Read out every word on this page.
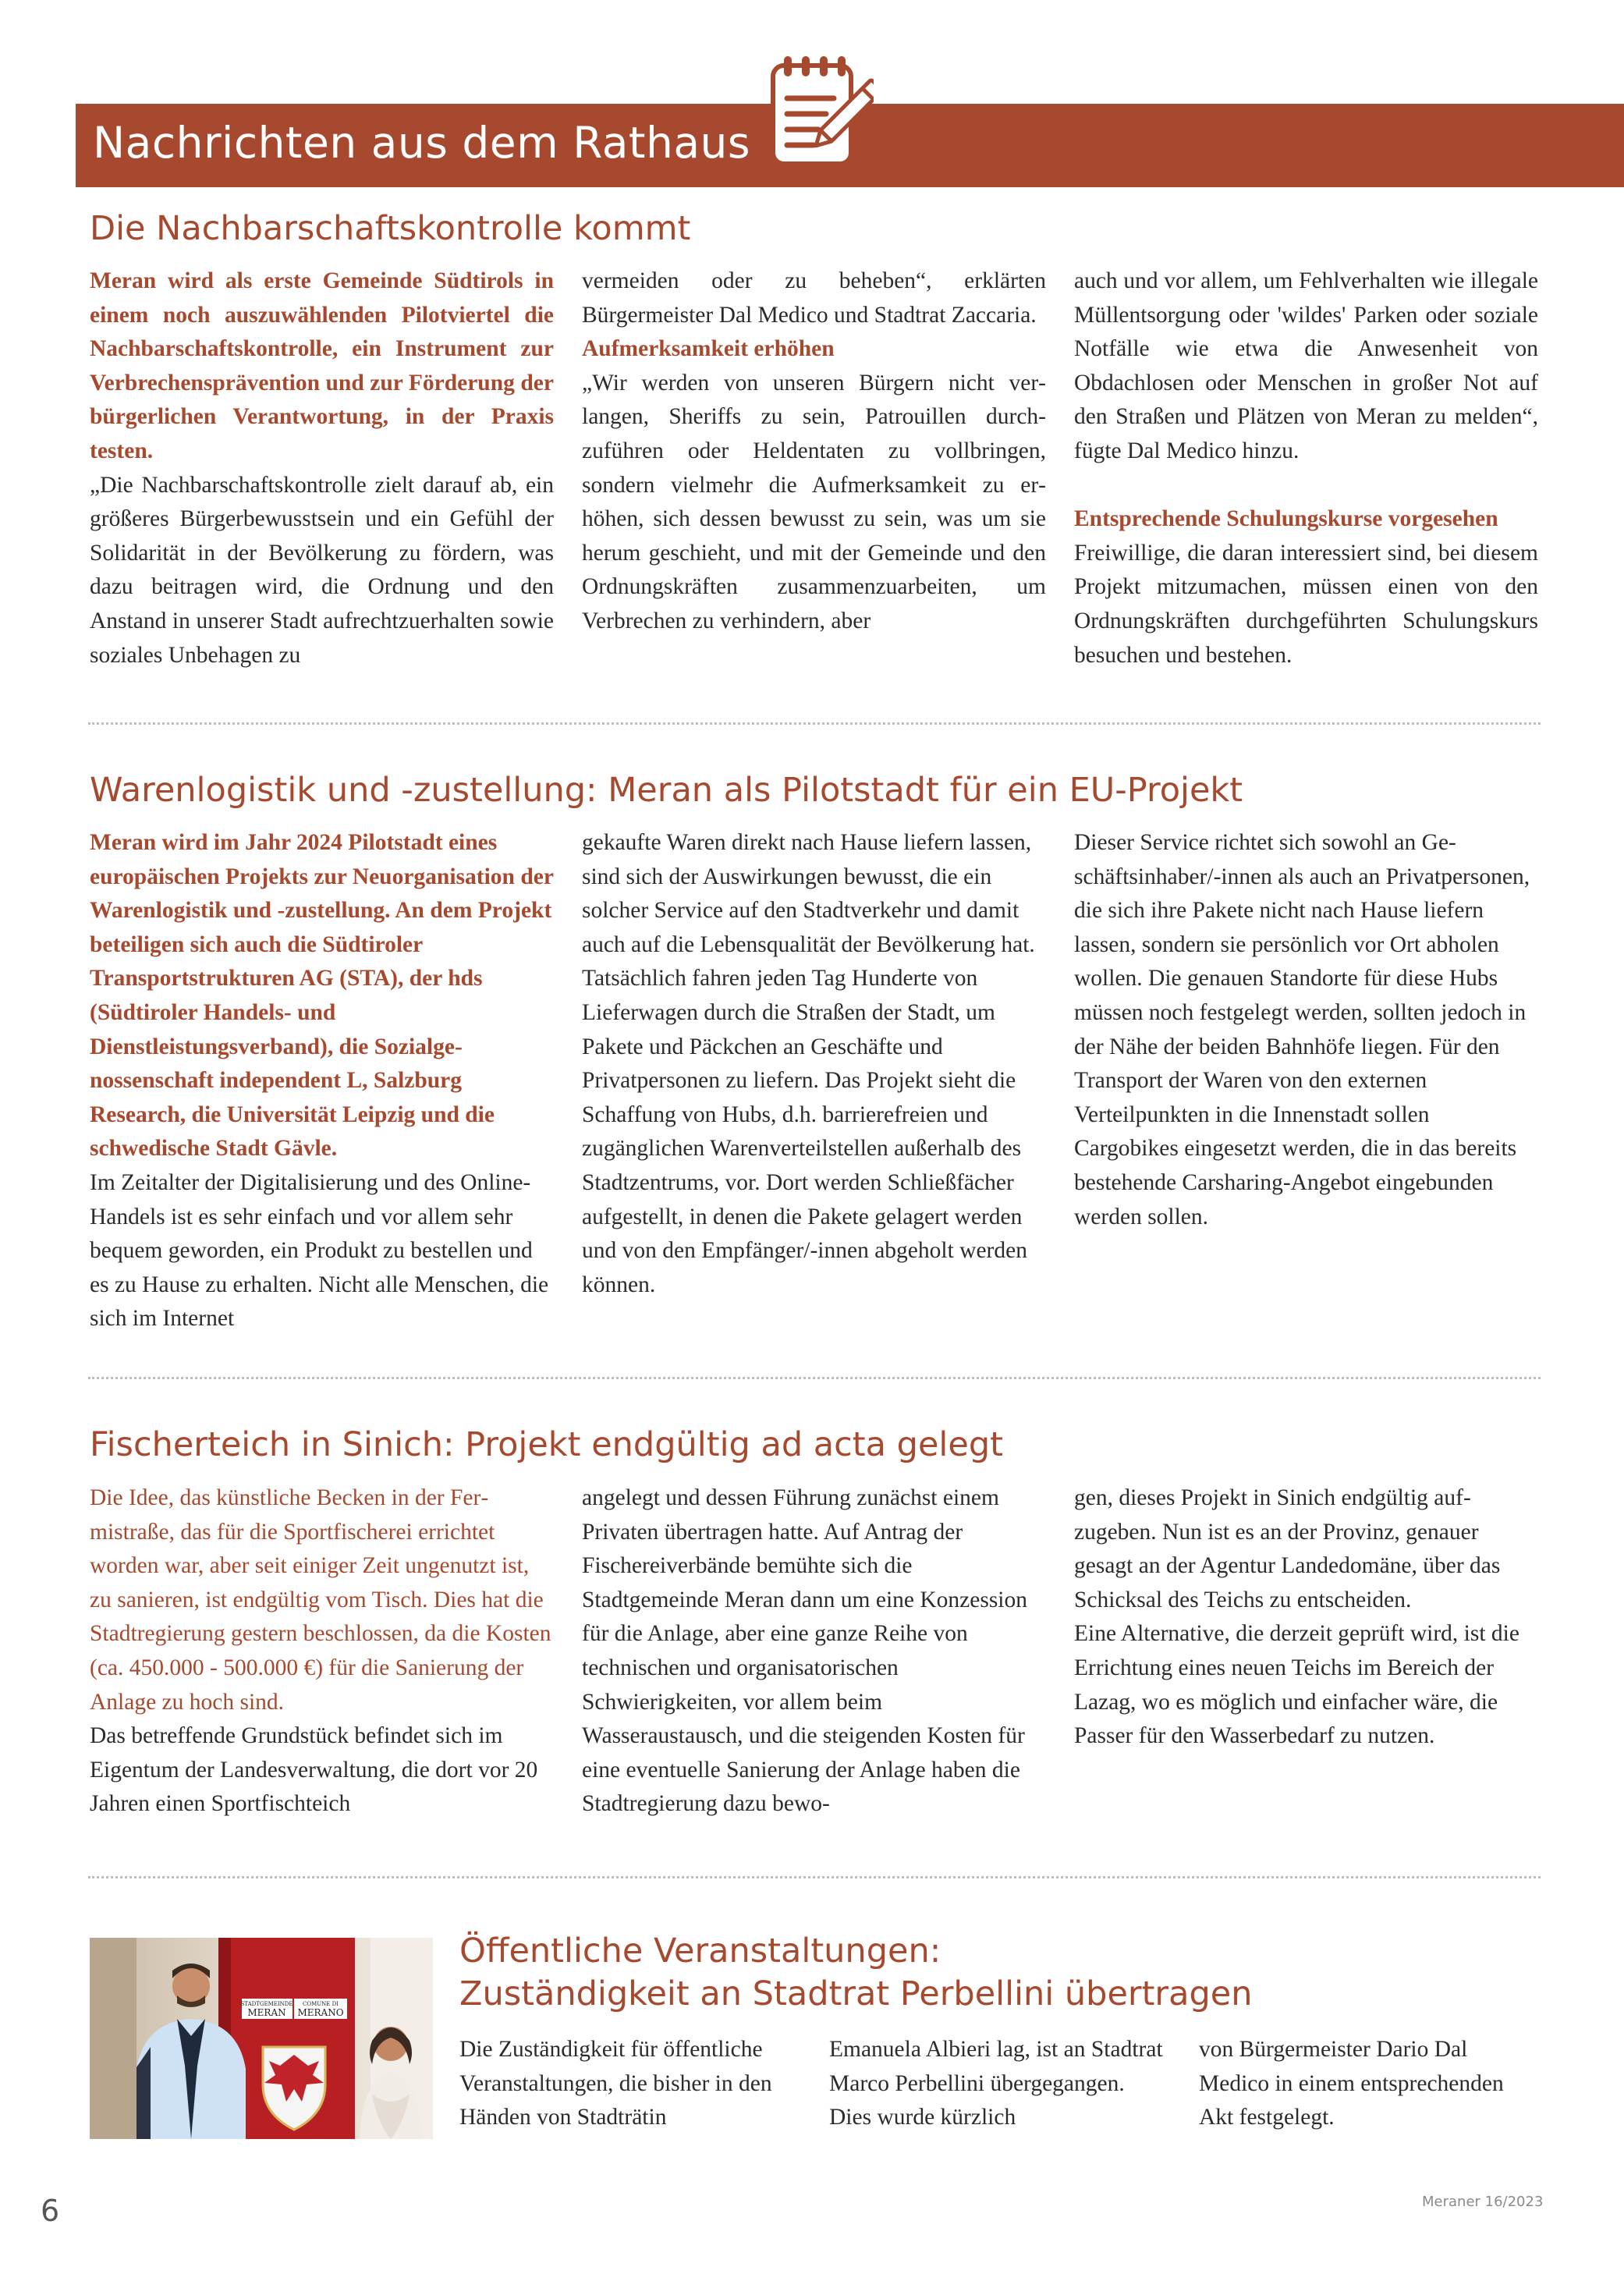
Nachrichten aus dem Rathaus
Die Nachbarschaftskontrolle kommt

Meran wird als erste Gemeinde Südtirols in einem noch auszuwählenden Pilotviertel die Nachbarschaftskontrolle, ein Instrument zur Verbrechensprävention und zur Förderung der bürgerlichen Verantwortung, in der Praxis testen.

„Die Nachbarschaftskontrolle zielt darauf ab, ein größeres Bürgerbewusstsein und ein Gefühl der Solidarität in der Bevölkerung zu fördern, was dazu beitragen wird, die Ordnung und den Anstand in unserer Stadt aufrechtzuerhalten sowie soziales Unbehagen zu

vermeiden oder zu beheben“, erklärten Bürgermeister Dal Medico und Stadtrat Zaccaria.

Aufmerksamkeit erhöhen

„Wir werden von unseren Bürgern nicht verlangen, Sheriffs zu sein, Patrouillen durchzuführen oder Heldentaten zu vollbringen, sondern vielmehr die Aufmerksamkeit zu erhöhen, sich dessen bewusst zu sein, was um sie herum geschieht, und mit der Gemeinde und den Ordnungskräften zusammenzuarbeiten, um Verbrechen zu verhindern, aber

auch und vor allem, um Fehlverhalten wie illegale Müllentsorgung oder 'wildes' Parken oder soziale Notfälle wie etwa die Anwesenheit von Obdachlosen oder Menschen in großer Not auf den Straßen und Plätzen von Meran zu melden“, fügte Dal Medico hinzu.

Entsprechende Schulungskurse vorgesehen

Freiwillige, die daran interessiert sind, bei diesem Projekt mitzumachen, müssen einen von den Ordnungskräften durchgeführten Schulungskurs besuchen und bestehen.

Warenlogistik und -zustellung: Meran als Pilotstadt für ein EU-Projekt

Meran wird im Jahr 2024 Pilotstadt eines europäischen Projekts zur Neuorganisation der Warenlogistik und -zustellung. An dem Projekt beteiligen sich auch die Südtiroler Transportstrukturen AG (STA), der hds (Südtiroler Handels- und Dienstleistungsverband), die Sozialgenossenschaft independent L, Salzburg Research, die Universität Leipzig und die schwedische Stadt Gävle.

Im Zeitalter der Digitalisierung und des Online-Handels ist es sehr einfach und vor allem sehr bequem geworden, ein Produkt zu bestellen und es zu Hause zu erhalten. Nicht alle Menschen, die sich im Internet

gekaufte Waren direkt nach Hause liefern lassen, sind sich der Auswirkungen bewusst, die ein solcher Service auf den Stadtverkehr und damit auch auf die Lebensqualität der Bevölkerung hat. Tatsächlich fahren jeden Tag Hunderte von Lieferwagen durch die Straßen der Stadt, um Pakete und Päckchen an Geschäfte und Privatpersonen zu liefern. Das Projekt sieht die Schaffung von Hubs, d.h. barrierefreien und zugänglichen Warenverteilstellen außerhalb des Stadtzentrums, vor. Dort werden Schließfächer aufgestellt, in denen die Pakete gelagert werden und von den Empfänger/-innen abgeholt werden können.

Dieser Service richtet sich sowohl an Geschäftsinhaber/-innen als auch an Privatpersonen, die sich ihre Pakete nicht nach Hause liefern lassen, sondern sie persönlich vor Ort abholen wollen. Die genauen Standorte für diese Hubs müssen noch festgelegt werden, sollten jedoch in der Nähe der beiden Bahnhöfe liegen. Für den Transport der Waren von den externen Verteilpunkten in die Innenstadt sollen Cargobikes eingesetzt werden, die in das bereits bestehende Carsharing-Angebot eingebunden werden sollen.

Fischerteich in Sinich: Projekt endgültig ad acta gelegt

Die Idee, das künstliche Becken in der Fermistraße, das für die Sportfischerei errichtet worden war, aber seit einiger Zeit ungenutzt ist, zu sanieren, ist endgültig vom Tisch. Dies hat die Stadtregierung gestern beschlossen, da die Kosten (ca. 450.000 - 500.000 €) für die Sanierung der Anlage zu hoch sind.

Das betreffende Grundstück befindet sich im Eigentum der Landesverwaltung, die dort vor 20 Jahren einen Sportfischteich

angelegt und dessen Führung zunächst einem Privaten übertragen hatte. Auf Antrag der Fischereiverbände bemühte sich die Stadtgemeinde Meran dann um eine Konzession für die Anlage, aber eine ganze Reihe von technischen und organisatorischen Schwierigkeiten, vor allem beim Wasseraustausch, und die steigenden Kosten für eine eventuelle Sanierung der Anlage haben die Stadtregierung dazu bewo-

gen, dieses Projekt in Sinich endgültig aufzugeben. Nun ist es an der Provinz, genauer gesagt an der Agentur Landedomäne, über das Schicksal des Teichs zu entscheiden.

Eine Alternative, die derzeit geprüft wird, ist die Errichtung eines neuen Teichs im Bereich der Lazag, wo es möglich und einfacher wäre, die Passer für den Wasserbedarf zu nutzen.

STADTGEMEINDE
MERAN
COMUNE DI
MERANO
Öffentliche Veranstaltungen:
Zuständigkeit an Stadtrat Perbellini übertragen

Die Zuständigkeit für öffentliche Veranstaltungen, die bisher in den Händen von Stadträtin

Emanuela Albieri lag, ist an Stadtrat Marco Perbellini übergegangen. Dies wurde kürzlich

von Bürgermeister Dario Dal Medico in einem entsprechenden Akt festgelegt.

6	Meraner 16/2023
